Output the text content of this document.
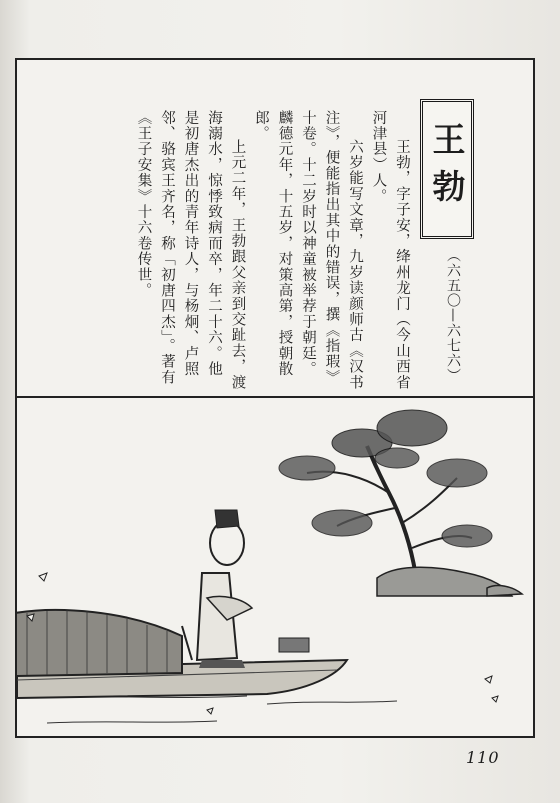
王勃
（六五〇—六七六）

王勃，字子安，绛州龙门（今山西省河津县）人。

六岁能写文章，九岁读颜师古《汉书注》，便能指出其中的错误，撰《指瑕》十卷。十二岁时以神童被举荐于朝廷。麟德元年，十五岁，对策高第，授朝散郎。

上元二年，王勃跟父亲到交趾去，渡海溺水，惊悸致病而卒，年二十六。他是初唐杰出的青年诗人，与杨炯、卢照邻、骆宾王齐名，称「初唐四杰」。著有《王子安集》十六卷传世。

110
